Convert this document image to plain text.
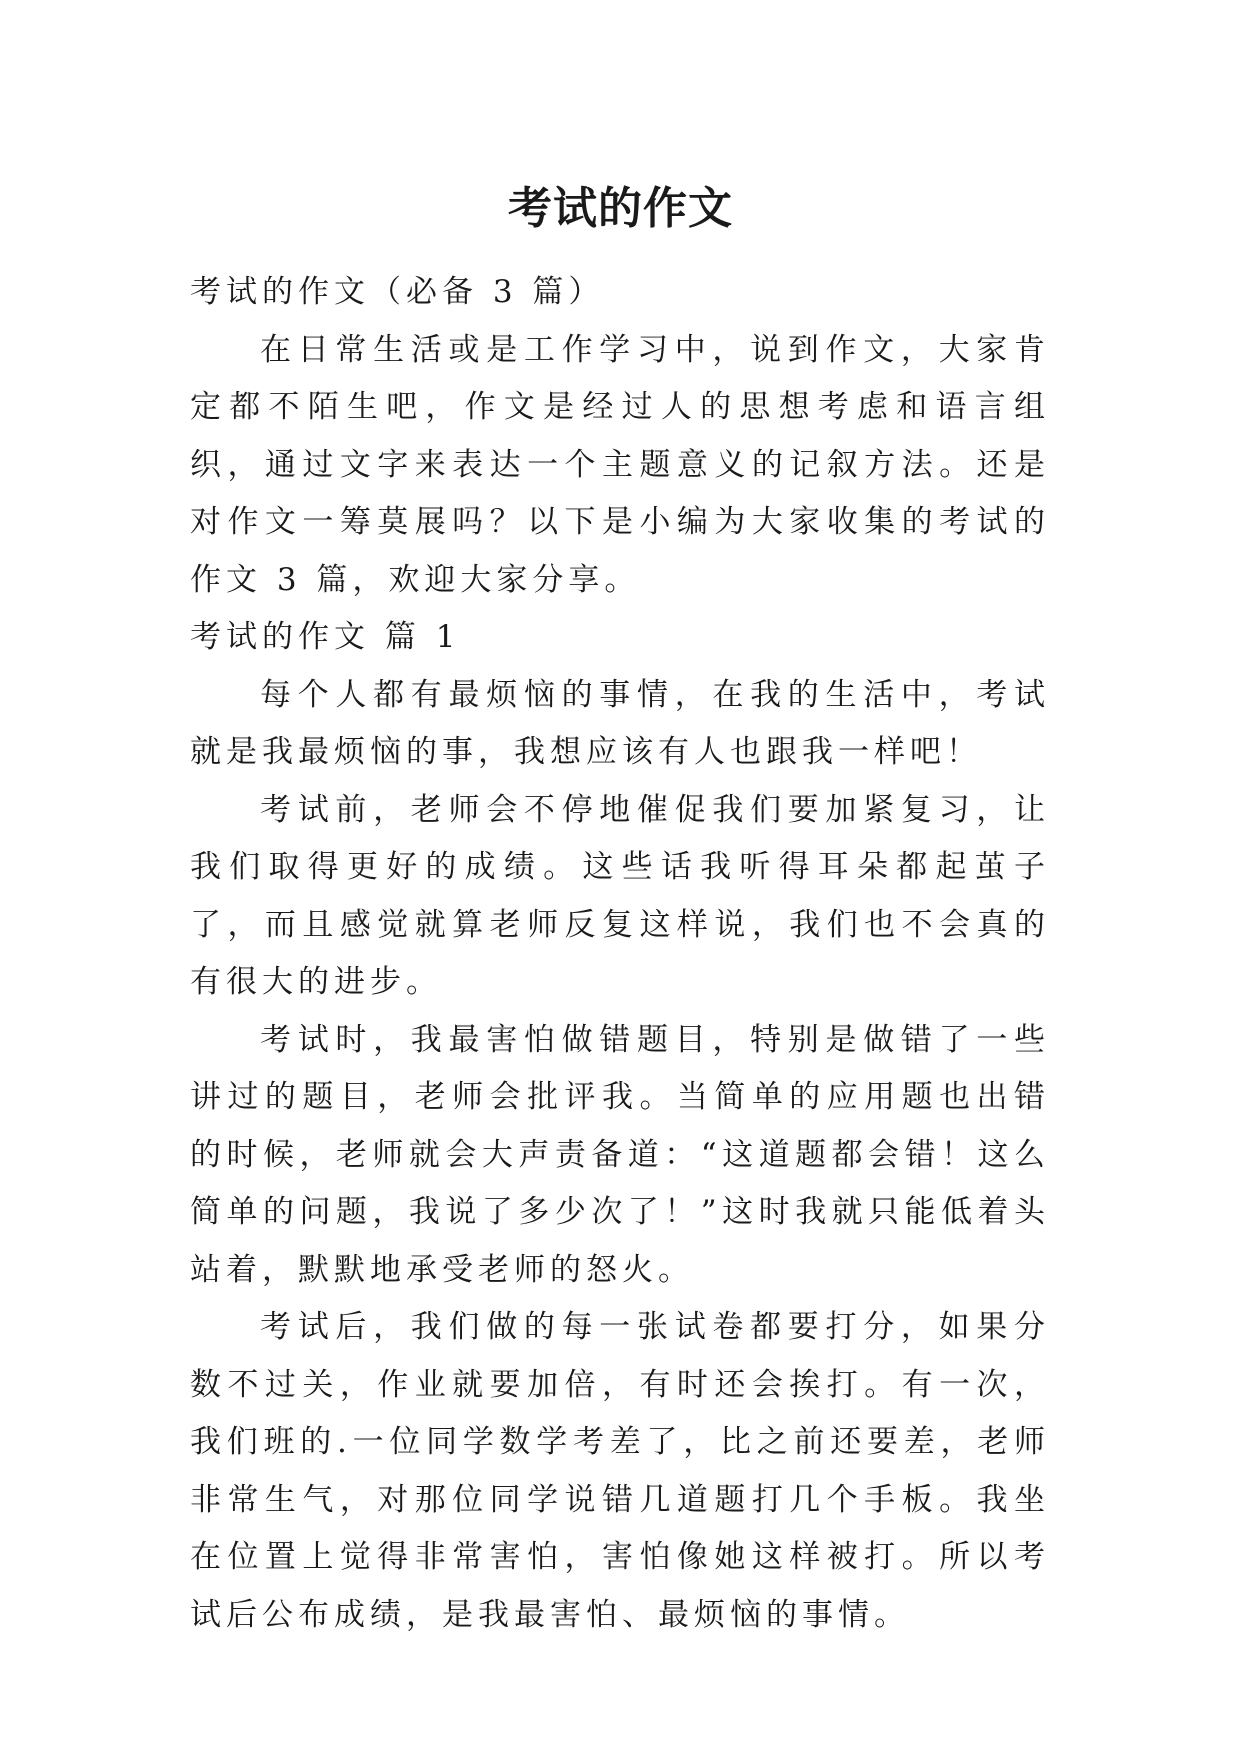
考试的作文

考试的作文（必备 3 篇）

在日常生活或是工作学习中，说到作文，大家肯定都不陌生吧，作文是经过人的思想考虑和语言组织，通过文字来表达一个主题意义的记叙方法。还是对作文一筹莫展吗？以下是小编为大家收集的考试的作文 3 篇，欢迎大家分享。

考试的作文 篇 1

每个人都有最烦恼的事情，在我的生活中，考试就是我最烦恼的事，我想应该有人也跟我一样吧！

考试前，老师会不停地催促我们要加紧复习，让我们取得更好的成绩。这些话我听得耳朵都起茧子了，而且感觉就算老师反复这样说，我们也不会真的有很大的进步。

考试时，我最害怕做错题目，特别是做错了一些讲过的题目，老师会批评我。当简单的应用题也出错的时候，老师就会大声责备道：“这道题都会错！这么简单的问题，我说了多少次了！”这时我就只能低着头站着，默默地承受老师的怒火。

考试后，我们做的每一张试卷都要打分，如果分数不过关，作业就要加倍，有时还会挨打。有一次，我们班的.一位同学数学考差了，比之前还要差，老师非常生气，对那位同学说错几道题打几个手板。我坐在位置上觉得非常害怕，害怕像她这样被打。所以考试后公布成绩，是我最害怕、最烦恼的事情。
